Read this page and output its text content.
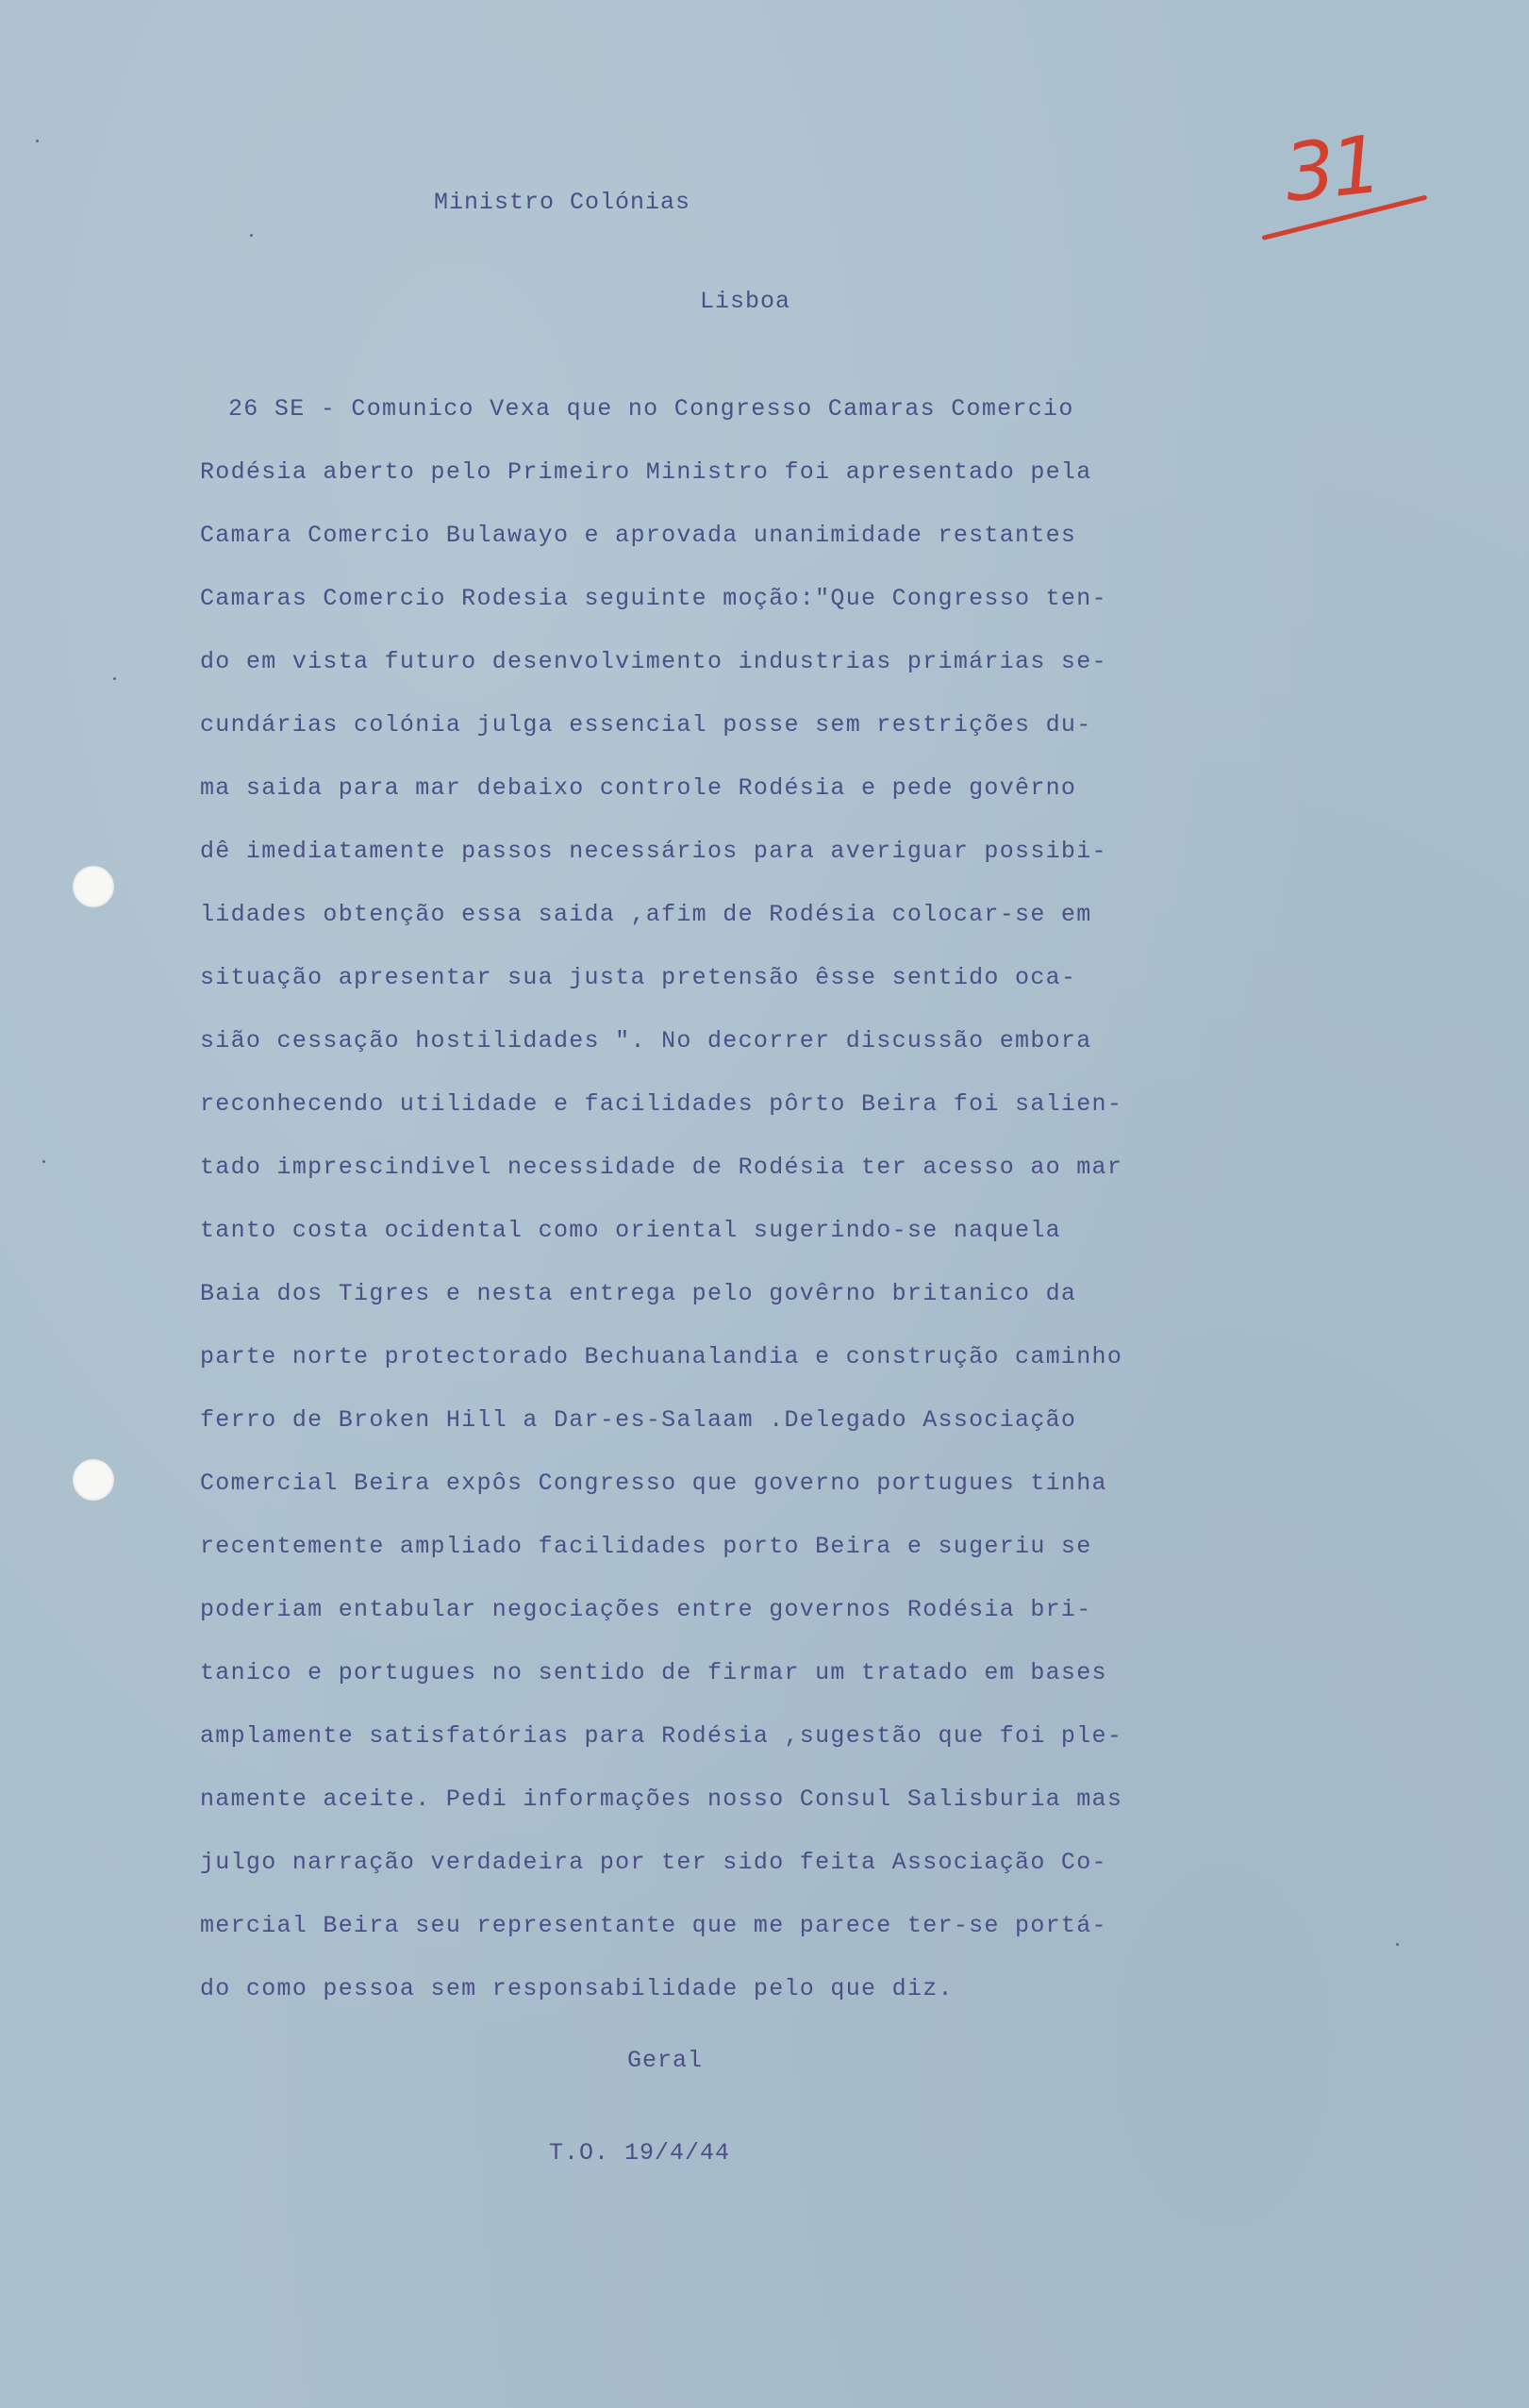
31
Ministro Colónias
Lisboa
26 SE - Comunico Vexa que no Congresso Camaras Comercio
Rodésia aberto pelo Primeiro Ministro foi apresentado pela
Camara Comercio Bulawayo e aprovada unanimidade restantes
Camaras Comercio Rodesia seguinte moção:"Que Congresso ten-
do em vista futuro desenvolvimento industrias primárias se-
cundárias colónia julga essencial posse sem restrições du-
ma saida para mar debaixo controle Rodésia e pede govêrno
dê imediatamente passos necessários para averiguar possibi-
lidades obtenção essa saida ,afim de Rodésia colocar-se em
situação apresentar sua justa pretensão êsse sentido oca-
sião cessação hostilidades ". No decorrer discussão embora
reconhecendo utilidade e facilidades pôrto Beira foi salien-
tado imprescindivel necessidade de Rodésia ter acesso ao mar
tanto costa ocidental como oriental sugerindo-se naquela
Baia dos Tigres e nesta entrega pelo govêrno britanico da
parte norte protectorado Bechuanalandia e construção caminho
ferro de Broken Hill a Dar-es-Salaam .Delegado Associação
Comercial Beira expôs Congresso que governo portugues tinha
recentemente ampliado facilidades porto Beira e sugeriu se
poderiam entabular negociações entre governos Rodésia bri-
tanico e portugues no sentido de firmar um tratado em bases
amplamente satisfatórias para Rodésia ,sugestão que foi ple-
namente aceite. Pedi informações nosso Consul Salisburia mas
julgo narração verdadeira por ter sido feita Associação Co-
mercial Beira seu representante que me parece ter-se portá-
do como pessoa sem responsabilidade pelo que diz.
Geral
T.O. 19/4/44
